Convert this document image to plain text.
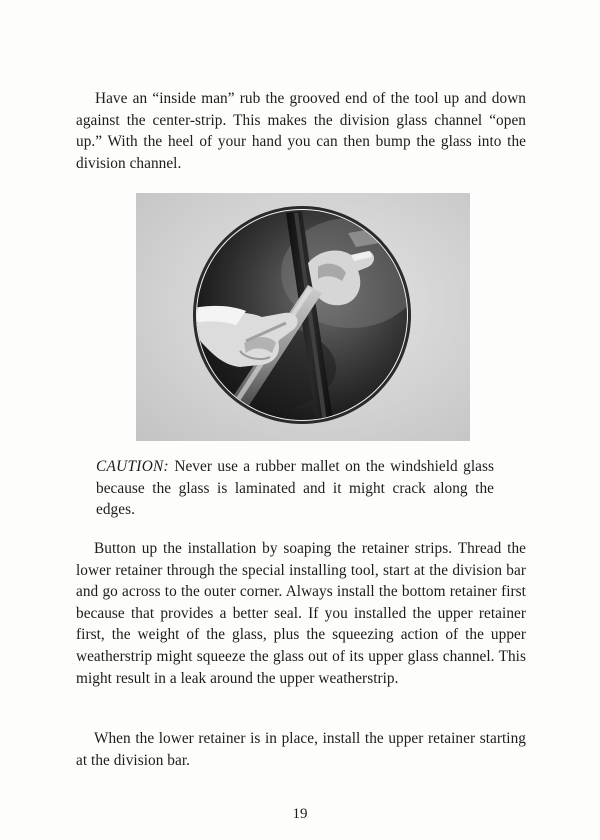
Have an “inside man” rub the grooved end of the tool up and down against the center-strip. This makes the division glass channel “open up.” With the heel of your hand you can then bump the glass into the division channel.

CAUTION: Never use a rubber mallet on the windshield glass because the glass is laminated and it might crack along the edges.

Button up the installation by soaping the retainer strips. Thread the lower retainer through the special installing tool, start at the division bar and go across to the outer corner. Always install the bottom retainer first because that provides a better seal. If you installed the upper retainer first, the weight of the glass, plus the squeezing action of the upper weatherstrip might squeeze the glass out of its upper glass channel. This might result in a leak around the upper weatherstrip.

When the lower retainer is in place, install the upper retainer starting at the division bar.

19
